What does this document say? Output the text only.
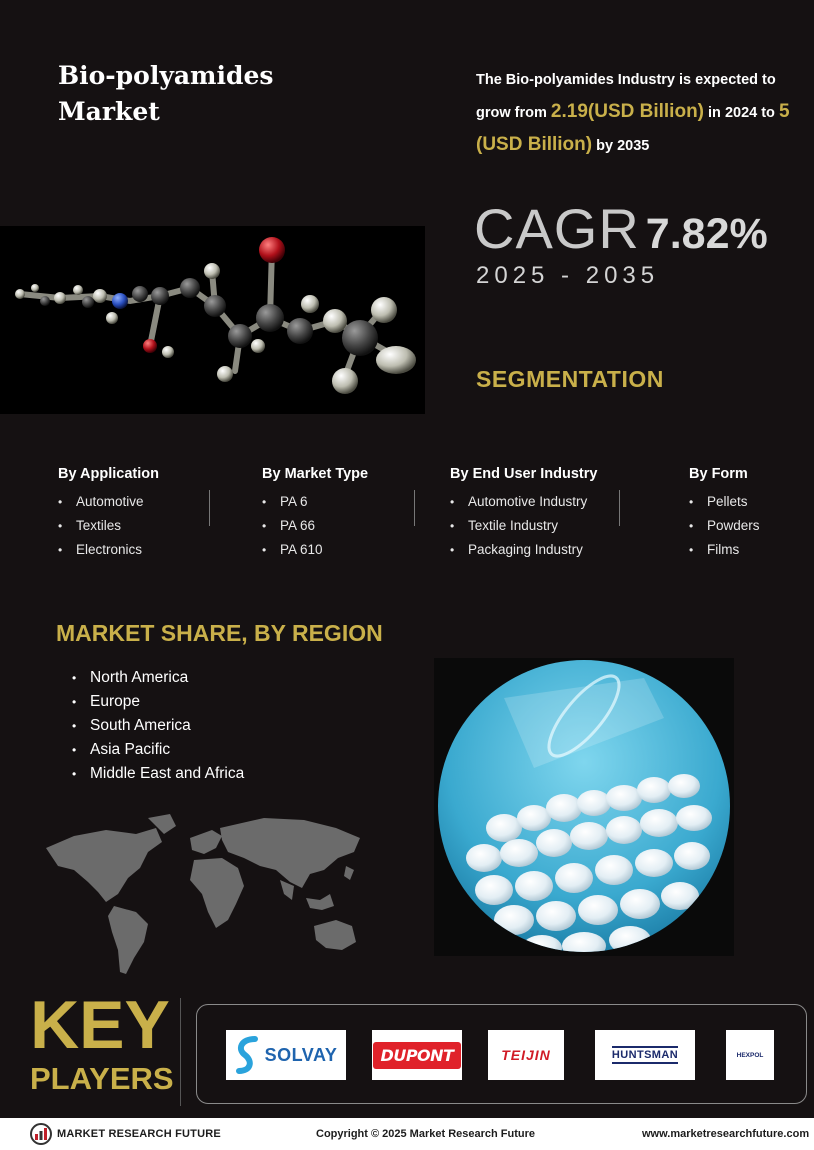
Bio-polyamides
Market

The Bio-polyamides Industry is expected to grow from 2.19(USD Billion) in 2024 to 5 (USD Billion) by 2035

CAGR 7.82%
2025 - 2035
SEGMENTATION
By Application
• Automotive
• Textiles
• Electronics
By Market Type
• PA 6
• PA 66
• PA 610
By End User Industry
• Automotive Industry
• Textile Industry
• Packaging Industry
By Form
• Pellets
• Powders
• Films
MARKET SHARE, BY REGION
• North America
• Europe
• South America
• Asia Pacific
• Middle East and Africa
KEY
PLAYERS
SOLVAY	DUPONT	TEIJIN	HUNTSMAN	HEXPOL
MARKET RESEARCH FUTURE	Copyright © 2025 Market Research Future	www.marketresearchfuture.com
